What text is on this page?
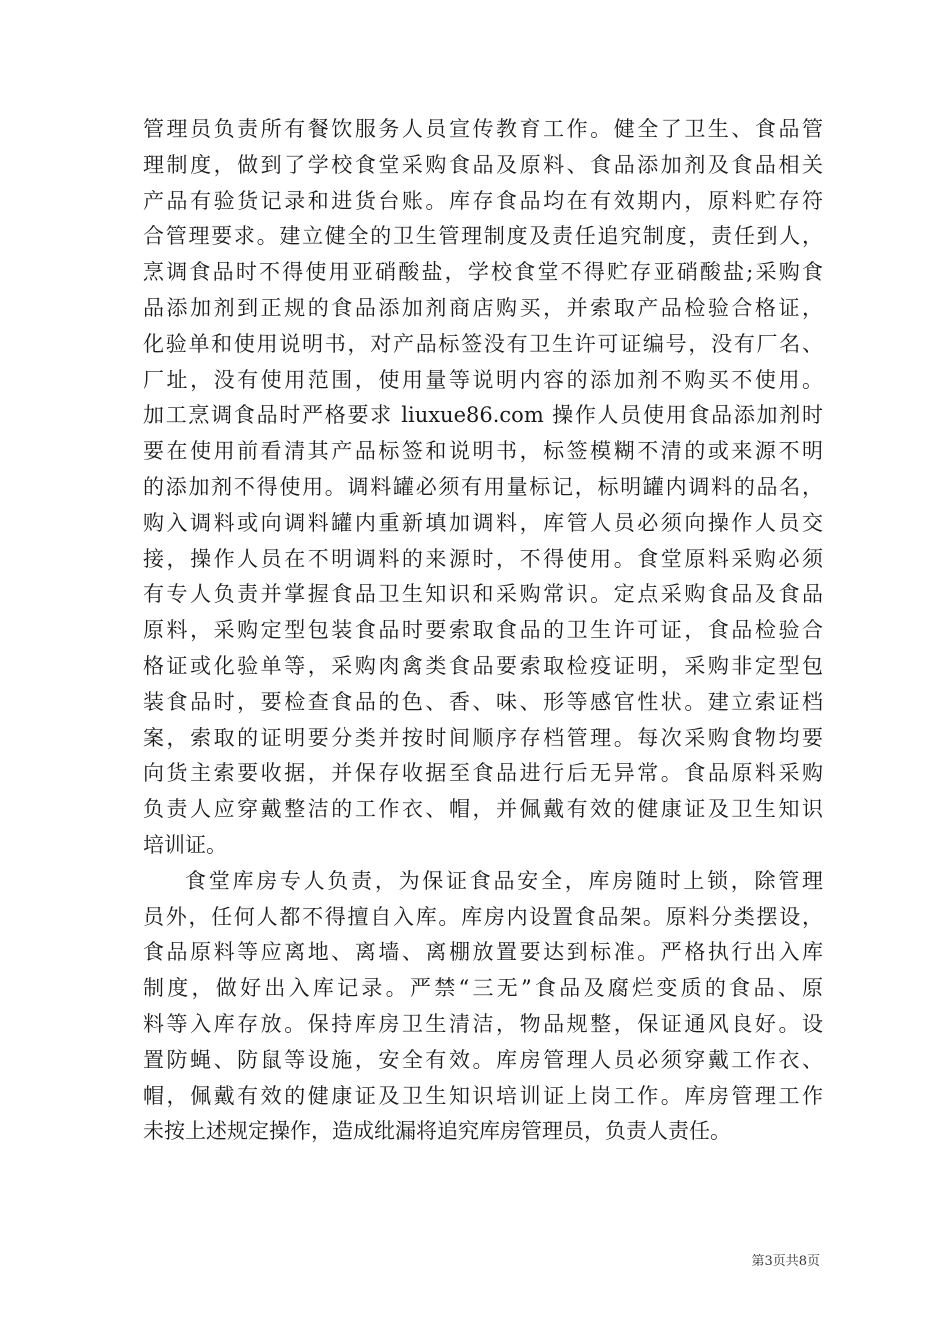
管理员负责所有餐饮服务人员宣传教育工作。健全了卫生、食品管
理制度，做到了学校食堂采购食品及原料、食品添加剂及食品相关
产品有验货记录和进货台账。库存食品均在有效期内，原料贮存符
合管理要求。建立健全的卫生管理制度及责任追究制度，责任到人，
烹调食品时不得使用亚硝酸盐，学校食堂不得贮存亚硝酸盐;采购食
品添加剂到正规的食品添加剂商店购买，并索取产品检验合格证，
化验单和使用说明书，对产品标签没有卫生许可证编号，没有厂名、
厂址，没有使用范围，使用量等说明内容的添加剂不购买不使用。
加工烹调食品时严格要求 liuxue86.com 操作人员使用食品添加剂时
要在使用前看清其产品标签和说明书，标签模糊不清的或来源不明
的添加剂不得使用。调料罐必须有用量标记，标明罐内调料的品名，
购入调料或向调料罐内重新填加调料，库管人员必须向操作人员交
接，操作人员在不明调料的来源时，不得使用。食堂原料采购必须
有专人负责并掌握食品卫生知识和采购常识。定点采购食品及食品
原料，采购定型包装食品时要索取食品的卫生许可证，食品检验合
格证或化验单等，采购肉禽类食品要索取检疫证明，采购非定型包
装食品时，要检查食品的色、香、味、形等感官性状。建立索证档
案，索取的证明要分类并按时间顺序存档管理。每次采购食物均要
向货主索要收据，并保存收据至食品进行后无异常。食品原料采购
负责人应穿戴整洁的工作衣、帽，并佩戴有效的健康证及卫生知识
培训证。
食堂库房专人负责，为保证食品安全，库房随时上锁，除管理
员外，任何人都不得擅自入库。库房内设置食品架。原料分类摆设，
食品原料等应离地、离墙、离棚放置要达到标准。严格执行出入库
制度，做好出入库记录。严禁“三无”食品及腐烂变质的食品、原
料等入库存放。保持库房卫生清洁，物品规整，保证通风良好。设
置防蝇、防鼠等设施，安全有效。库房管理人员必须穿戴工作衣、
帽，佩戴有效的健康证及卫生知识培训证上岗工作。库房管理工作
未按上述规定操作，造成纰漏将追究库房管理员，负责人责任。
第3页共8页
